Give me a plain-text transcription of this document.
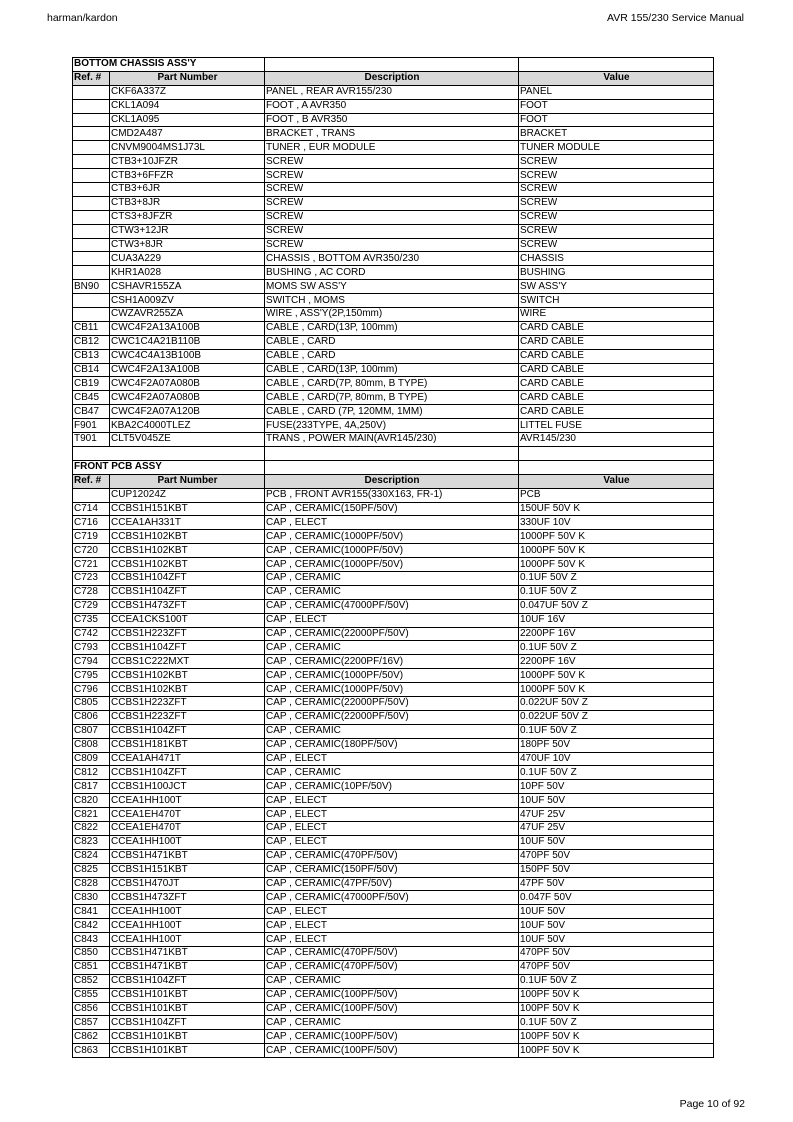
harman/kardon	AVR 155/230 Service Manual
BOTTOM CHASSIS ASS'Y			
Ref. #	Part Number	Description	Value
	CKF6A337Z	PANEL , REAR AVR155/230	PANEL
	CKL1A094	FOOT , A AVR350	FOOT
	CKL1A095	FOOT , B AVR350	FOOT
	CMD2A487	BRACKET , TRANS	BRACKET
	CNVM9004MS1J73L	TUNER , EUR MODULE	TUNER MODULE
	CTB3+10JFZR	SCREW	SCREW
	CTB3+6FFZR	SCREW	SCREW
	CTB3+6JR	SCREW	SCREW
	CTB3+8JR	SCREW	SCREW
	CTS3+8JFZR	SCREW	SCREW
	CTW3+12JR	SCREW	SCREW
	CTW3+8JR	SCREW	SCREW
	CUA3A229	CHASSIS , BOTTOM AVR350/230	CHASSIS
	KHR1A028	BUSHING , AC CORD	BUSHING
BN90	CSHAVR155ZA	MOMS SW ASS'Y	SW ASS'Y
	CSH1A009ZV	SWITCH , MOMS	SWITCH
	CWZAVR255ZA	WIRE , ASS'Y(2P,150mm)	WIRE
CB11	CWC4F2A13A100B	CABLE , CARD(13P, 100mm)	CARD CABLE
CB12	CWC1C4A21B110B	CABLE , CARD	CARD CABLE
CB13	CWC4C4A13B100B	CABLE , CARD	CARD CABLE
CB14	CWC4F2A13A100B	CABLE , CARD(13P, 100mm)	CARD CABLE
CB19	CWC4F2A07A080B	CABLE , CARD(7P, 80mm, B TYPE)	CARD CABLE
CB45	CWC4F2A07A080B	CABLE , CARD(7P, 80mm, B TYPE)	CARD CABLE
CB47	CWC4F2A07A120B	CABLE , CARD (7P, 120MM, 1MM)	CARD CABLE
F901	KBA2C4000TLEZ	FUSE(233TYPE, 4A,250V)	LITTEL FUSE
T901	CLT5V045ZE	TRANS , POWER MAIN(AVR145/230)	AVR145/230

FRONT PCB ASSY			
Ref. #	Part Number	Description	Value
	CUP12024Z	PCB , FRONT AVR155(330X163, FR-1)	PCB
C714	CCBS1H151KBT	CAP , CERAMIC(150PF/50V)	150UF 50V K
C716	CCEA1AH331T	CAP , ELECT	330UF 10V
C719	CCBS1H102KBT	CAP , CERAMIC(1000PF/50V)	1000PF 50V K
C720	CCBS1H102KBT	CAP , CERAMIC(1000PF/50V)	1000PF 50V K
C721	CCBS1H102KBT	CAP , CERAMIC(1000PF/50V)	1000PF 50V K
C723	CCBS1H104ZFT	CAP , CERAMIC	0.1UF 50V Z
C728	CCBS1H104ZFT	CAP , CERAMIC	0.1UF 50V Z
C729	CCBS1H473ZFT	CAP , CERAMIC(47000PF/50V)	0.047UF 50V Z
C735	CCEA1CKS100T	CAP , ELECT	10UF 16V
C742	CCBS1H223ZFT	CAP , CERAMIC(22000PF/50V)	2200PF 16V
C793	CCBS1H104ZFT	CAP , CERAMIC	0.1UF 50V Z
C794	CCBS1C222MXT	CAP , CERAMIC(2200PF/16V)	2200PF 16V
C795	CCBS1H102KBT	CAP , CERAMIC(1000PF/50V)	1000PF 50V K
C796	CCBS1H102KBT	CAP , CERAMIC(1000PF/50V)	1000PF 50V K
C805	CCBS1H223ZFT	CAP , CERAMIC(22000PF/50V)	0.022UF 50V Z
C806	CCBS1H223ZFT	CAP , CERAMIC(22000PF/50V)	0.022UF 50V Z
C807	CCBS1H104ZFT	CAP , CERAMIC	0.1UF 50V Z
C808	CCBS1H181KBT	CAP , CERAMIC(180PF/50V)	180PF 50V
C809	CCEA1AH471T	CAP , ELECT	470UF 10V
C812	CCBS1H104ZFT	CAP , CERAMIC	0.1UF 50V Z
C817	CCBS1H100JCT	CAP , CERAMIC(10PF/50V)	10PF 50V
C820	CCEA1HH100T	CAP , ELECT	10UF 50V
C821	CCEA1EH470T	CAP , ELECT	47UF 25V
C822	CCEA1EH470T	CAP , ELECT	47UF 25V
C823	CCEA1HH100T	CAP , ELECT	10UF 50V
C824	CCBS1H471KBT	CAP , CERAMIC(470PF/50V)	470PF 50V
C825	CCBS1H151KBT	CAP , CERAMIC(150PF/50V)	150PF 50V
C828	CCBS1H470JT	CAP , CERAMIC(47PF/50V)	47PF 50V
C830	CCBS1H473ZFT	CAP , CERAMIC(47000PF/50V)	0.047F 50V
C841	CCEA1HH100T	CAP , ELECT	10UF 50V
C842	CCEA1HH100T	CAP , ELECT	10UF 50V
C843	CCEA1HH100T	CAP , ELECT	10UF 50V
C850	CCBS1H471KBT	CAP , CERAMIC(470PF/50V)	470PF 50V
C851	CCBS1H471KBT	CAP , CERAMIC(470PF/50V)	470PF 50V
C852	CCBS1H104ZFT	CAP , CERAMIC	0.1UF 50V Z
C855	CCBS1H101KBT	CAP , CERAMIC(100PF/50V)	100PF 50V K
C856	CCBS1H101KBT	CAP , CERAMIC(100PF/50V)	100PF 50V K
C857	CCBS1H104ZFT	CAP , CERAMIC	0.1UF 50V Z
C862	CCBS1H101KBT	CAP , CERAMIC(100PF/50V)	100PF 50V K
C863	CCBS1H101KBT	CAP , CERAMIC(100PF/50V)	100PF 50V K
Page 10 of 92
